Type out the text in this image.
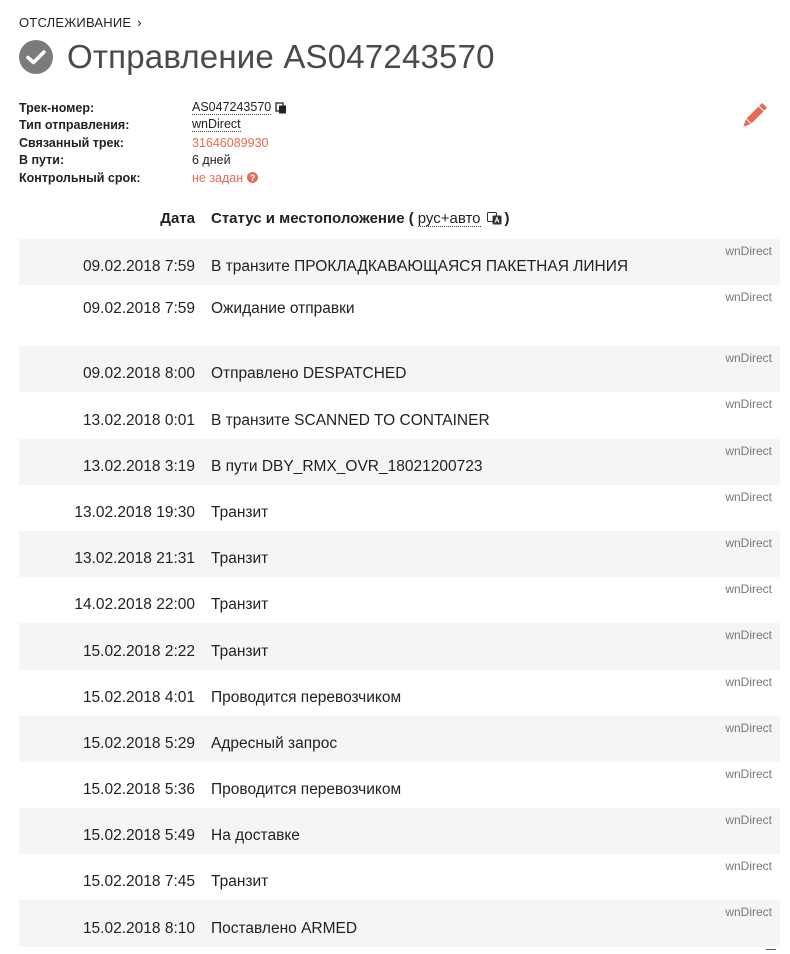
ОТСЛЕЖИВАНИЕ ›
Отправление AS047243570
Трек-номер:	AS047243570
Тип отправления:	wnDirect
Связанный трек:	31646089930
В пути:	6 дней
Контрольный срок:	не задан ?
Дата Статус и местоположение ( рус+авто )
09.02.2018 7:59 В транзите ПРОКЛАДКАВАЮЩАЯСЯ ПАКЕТНАЯ ЛИНИЯ
wnDirect
09.02.2018 7:59 Ожидание отправки
wnDirect
09.02.2018 8:00 Отправлено DESPATCHED
wnDirect
13.02.2018 0:01 В транзите SCANNED TO CONTAINER
wnDirect
13.02.2018 3:19 В пути DBY_RMX_OVR_18021200723
wnDirect
13.02.2018 19:30 Транзит
wnDirect
13.02.2018 21:31 Транзит
wnDirect
14.02.2018 22:00 Транзит
wnDirect
15.02.2018 2:22 Транзит
wnDirect
15.02.2018 4:01 Проводится перевозчиком
wnDirect
15.02.2018 5:29 Адресный запрос
wnDirect
15.02.2018 5:36 Проводится перевозчиком
wnDirect
15.02.2018 5:49 На доставке
wnDirect
15.02.2018 7:45 Транзит
wnDirect
15.02.2018 8:10 Поставлено ARMED
wnDirect
